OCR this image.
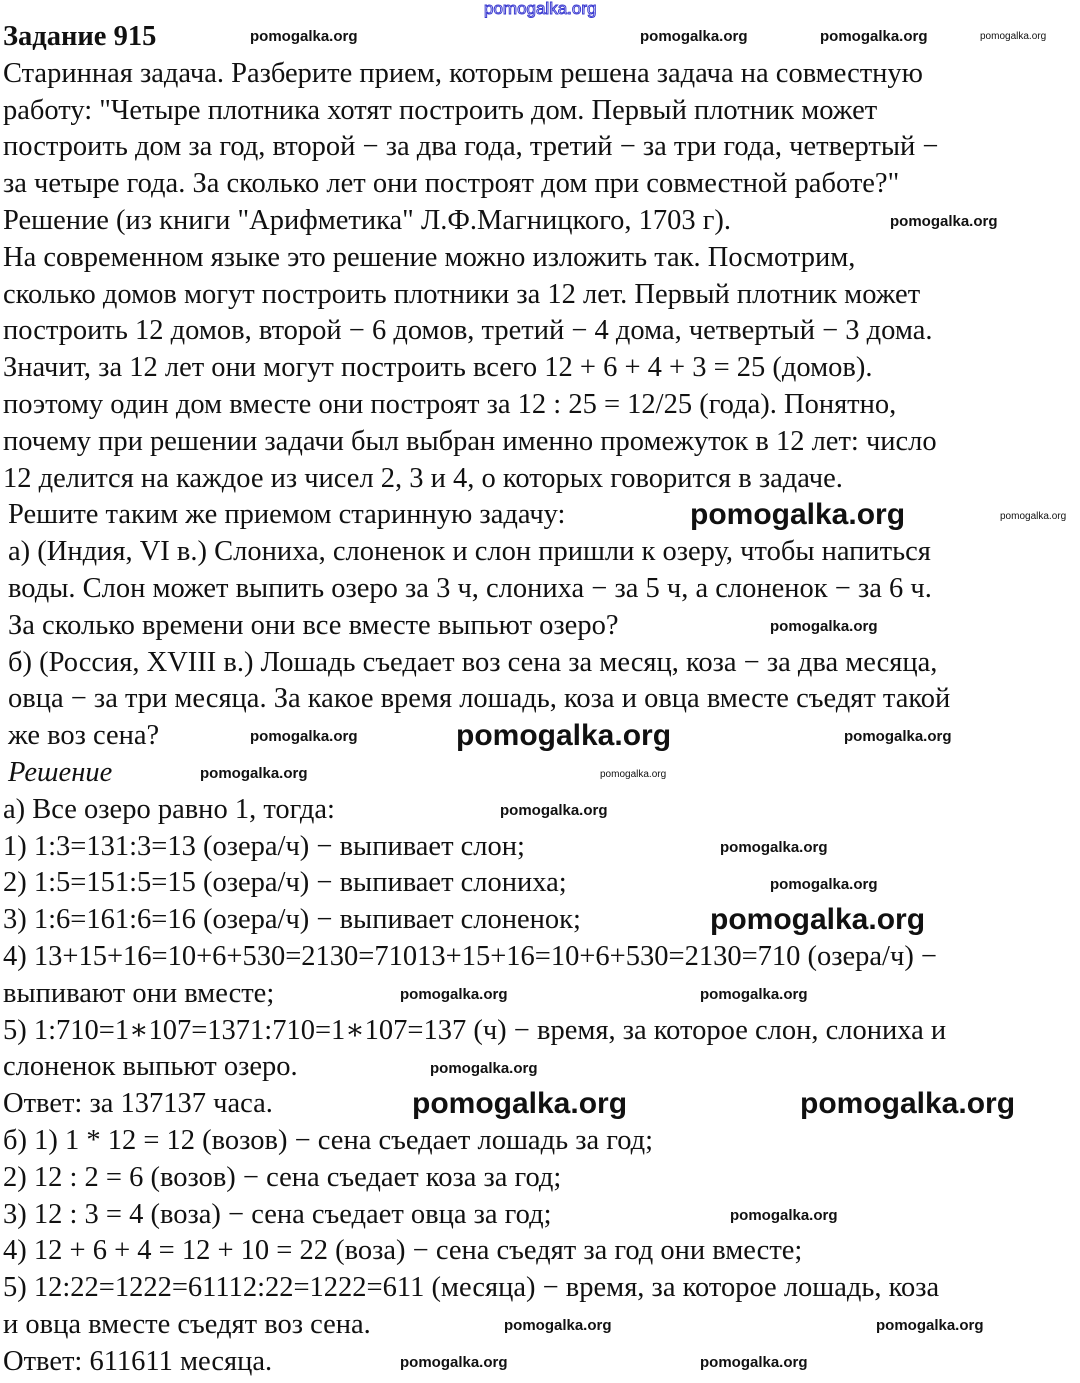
Задание 915
Старинная задача. Разберите прием, которым решена задача на совместную
работу: "Четыре плотника хотят построить дом. Первый плотник может
построить дом за год, второй − за два года, третий − за три года, четвертый −
за четыре года. За сколько лет они построят дом при совместной работе?"
Решение (из книги "Арифметика" Л.Ф.Магницкого, 1703 г).
На современном языке это решение можно изложить так. Посмотрим,
сколько домов могут построить плотники за 12 лет. Первый плотник может
построить 12 домов, второй − 6 домов, третий − 4 дома, четвертый − 3 дома.
Значит, за 12 лет они могут построить всего 12 + 6 + 4 + 3 = 25 (домов).
поэтому один дом вместе они построят за 12 : 25 = 12/25 (года). Понятно,
почему при решении задачи был выбран именно промежуток в 12 лет: число
12 делится на каждое из чисел 2, 3 и 4, о которых говорится в задаче.
Решите таким же приемом старинную задачу:
а) (Индия, VI в.) Слониха, слоненок и слон пришли к озеру, чтобы напиться
воды. Слон может выпить озеро за 3 ч, слониха − за 5 ч, а слоненок − за 6 ч.
За сколько времени они все вместе выпьют озеро?
б) (Россия, XVIII в.) Лошадь съедает воз сена за месяц, коза − за два месяца,
овца − за три месяца. За какое время лошадь, коза и овца вместе съедят такой
же воз сена?
Решение
а) Все озеро равно 1, тогда:
1) 1:3=131:3=13 (озера/ч) − выпивает слон;
2) 1:5=151:5=15 (озера/ч) − выпивает слониха;
3) 1:6=161:6=16 (озера/ч) − выпивает слоненок;
4) 13+15+16=10+6+530=2130=71013+15+16=10+6+530=2130=710 (озера/ч) −
выпивают они вместе;
5) 1:710=1∗107=1371:710=1∗107=137 (ч) − время, за которое слон, слониха и
слоненок выпьют озеро.
Ответ: за 137137 часа.
б) 1) 1 * 12 = 12 (возов) − сена съедает лошадь за год;
2) 12 : 2 = 6 (возов) − сена съедает коза за год;
3) 12 : 3 = 4 (воза) − сена съедает овца за год;
4) 12 + 6 + 4 = 12 + 10 = 22 (воза) − сена съедят за год они вместе;
5) 12:22=1222=61112:22=1222=611 (месяца) − время, за которое лошадь, коза
и овца вместе съедят воз сена.
Ответ: 611611 месяца.
pomogalka.org
pomogalka.org	pomogalka.org	pomogalka.org	pomogalka.org
pomogalka.org
pomogalka.org	pomogalka.org
pomogalka.org
pomogalka.org	pomogalka.org	pomogalka.org
pomogalka.org	pomogalka.org
pomogalka.org
pomogalka.org
pomogalka.org
pomogalka.org
pomogalka.org	pomogalka.org
pomogalka.org
pomogalka.org	pomogalka.org
pomogalka.org
pomogalka.org	pomogalka.org
pomogalka.org	pomogalka.org
